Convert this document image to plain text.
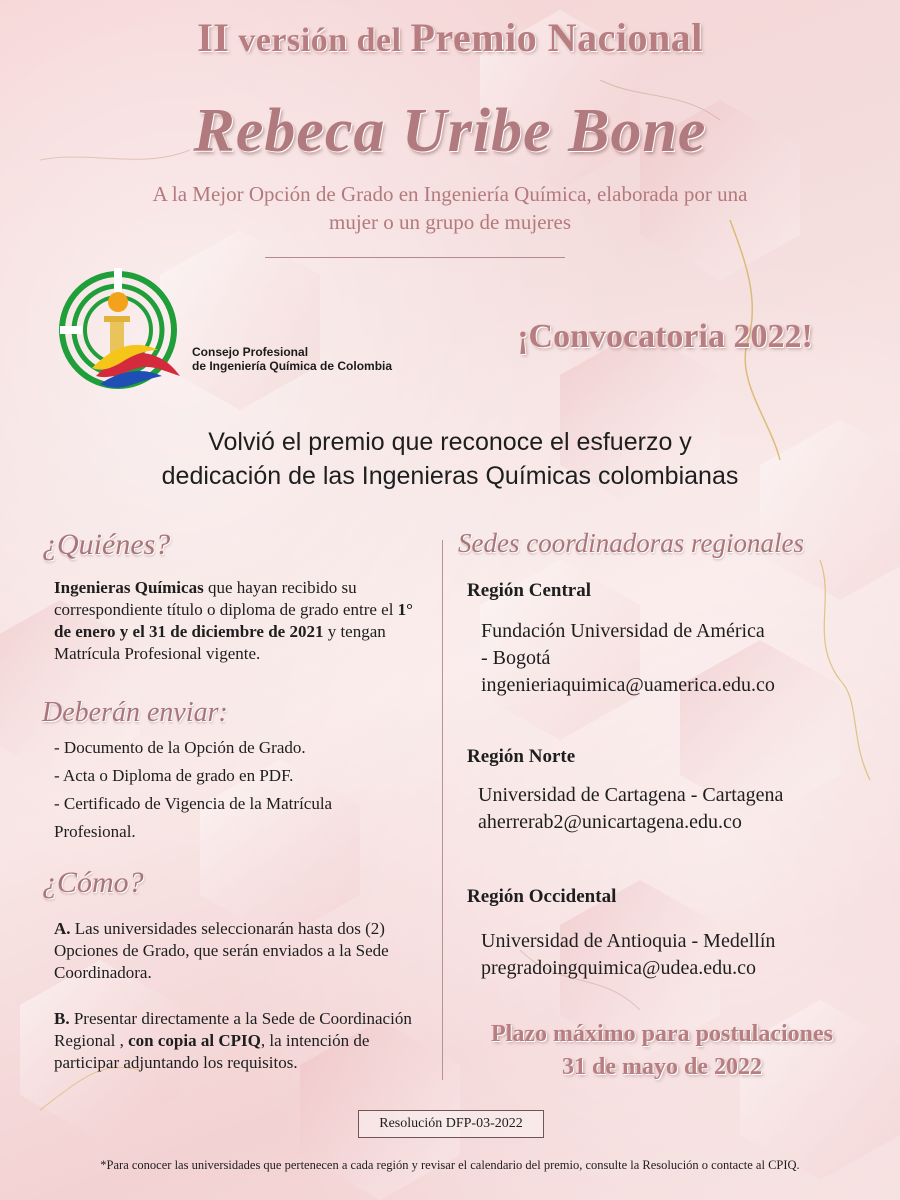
II versión del Premio Nacional
Rebeca Uribe Bone
A la Mejor Opción de Grado en Ingeniería Química, elaborada por una
mujer o un grupo de mujeres
Consejo Profesional
de Ingeniería Química de Colombia
¡Convocatoria 2022!
Volvió el premio que reconoce el esfuerzo y
dedicación de las Ingenieras Químicas colombianas
¿Quiénes?
Ingenieras Químicas que hayan recibido su correspondiente título o diploma de grado entre el 1° de enero y el 31 de diciembre de 2021 y tengan Matrícula Profesional vigente.
Deberán enviar:
- Documento de la Opción de Grado.
- Acta o Diploma de grado en PDF.
- Certificado de Vigencia de la Matrícula
Profesional.
¿Cómo?
A. Las universidades seleccionarán hasta dos (2) Opciones de Grado, que serán enviados a la Sede Coordinadora.
B. Presentar directamente a la Sede de Coordinación Regional , con copia al CPIQ, la intención de participar adjuntando los requisitos.
Sedes coordinadoras regionales
Región Central
Fundación Universidad de América
- Bogotá
ingenieriaquimica@uamerica.edu.co
Región Norte
Universidad de Cartagena - Cartagena
aherrerab2@unicartagena.edu.co
Región Occidental
Universidad de Antioquia - Medellín
pregradoingquimica@udea.edu.co
Plazo máximo para postulaciones
31 de mayo de 2022
Resolución DFP-03-2022
*Para conocer las universidades que pertenecen a cada región y revisar el calendario del premio, consulte la Resolución o contacte al CPIQ.
